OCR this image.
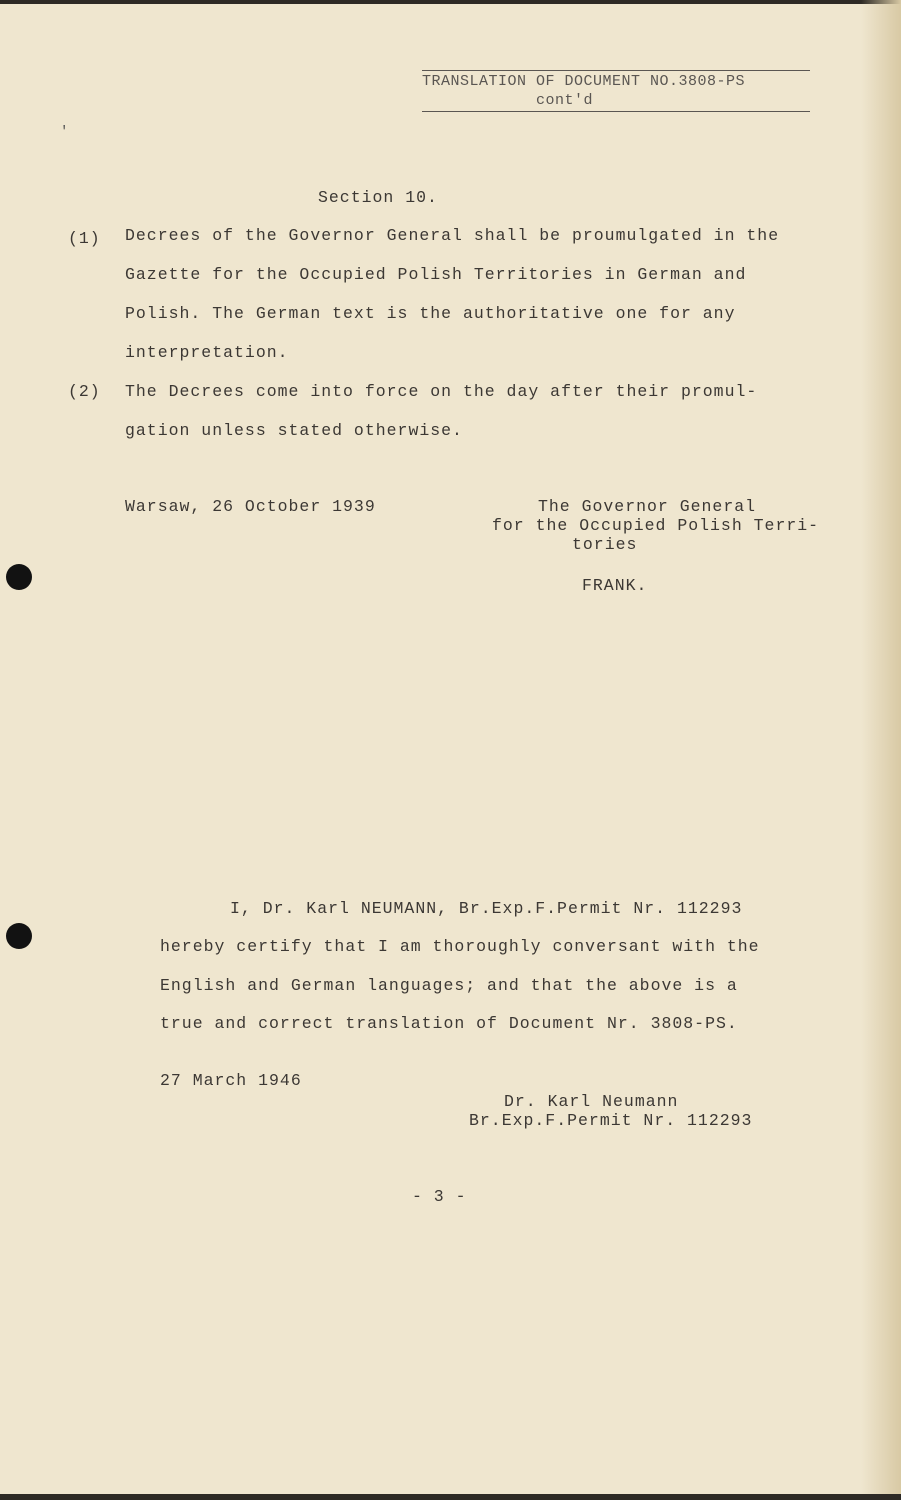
TRANSLATION OF DOCUMENT NO.3808-PS
cont'd
′
Section 10.
(1) Decrees of the Governor General shall be proumulgated in the
Gazette for the Occupied Polish Territories in German and
Polish. The German text is the authoritative one for any
interpretation.
(2) The Decrees come into force on the day after their promul-
gation unless stated otherwise.
Warsaw, 26 October 1939	The Governor General
for the Occupied Polish Terri-
tories
FRANK.
I, Dr. Karl NEUMANN, Br.Exp.F.Permit Nr. 112293
hereby certify that I am thoroughly conversant with the
English and German languages; and that the above is a
true and correct translation of Document Nr. 3808-PS.
27 March 1946
Dr. Karl Neumann
Br.Exp.F.Permit Nr. 112293
- 3 -
